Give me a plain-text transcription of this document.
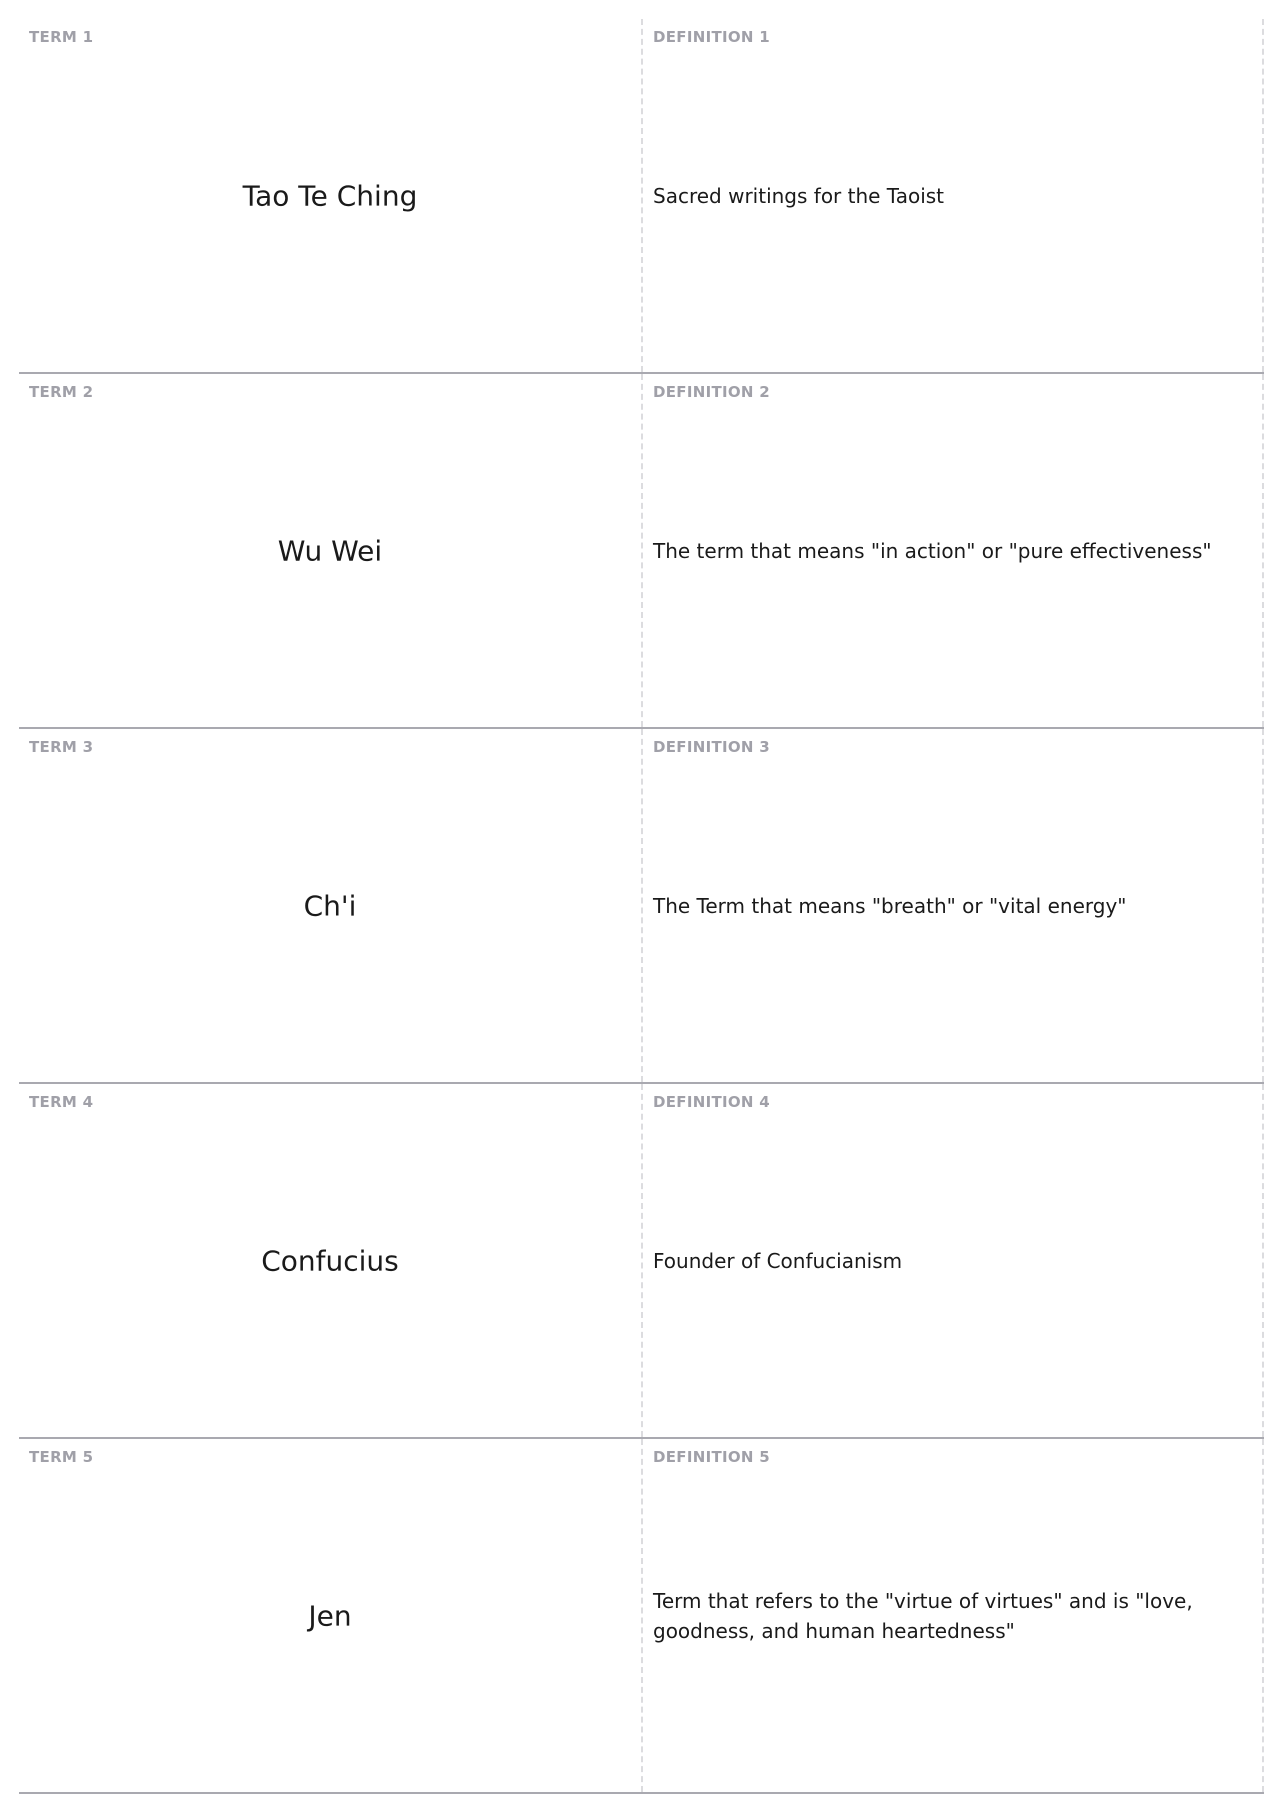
TERM 1
Tao Te Ching
DEFINITION 1
Sacred writings for the Taoist
TERM 2
Wu Wei
DEFINITION 2
The term that means "in action" or "pure effectiveness"
TERM 3
Ch'i
DEFINITION 3
The Term that means "breath" or "vital energy"
TERM 4
Confucius
DEFINITION 4
Founder of Confucianism
TERM 5
Jen
DEFINITION 5
Term that refers to the "virtue of virtues" and is "love, goodness, and human heartedness"
